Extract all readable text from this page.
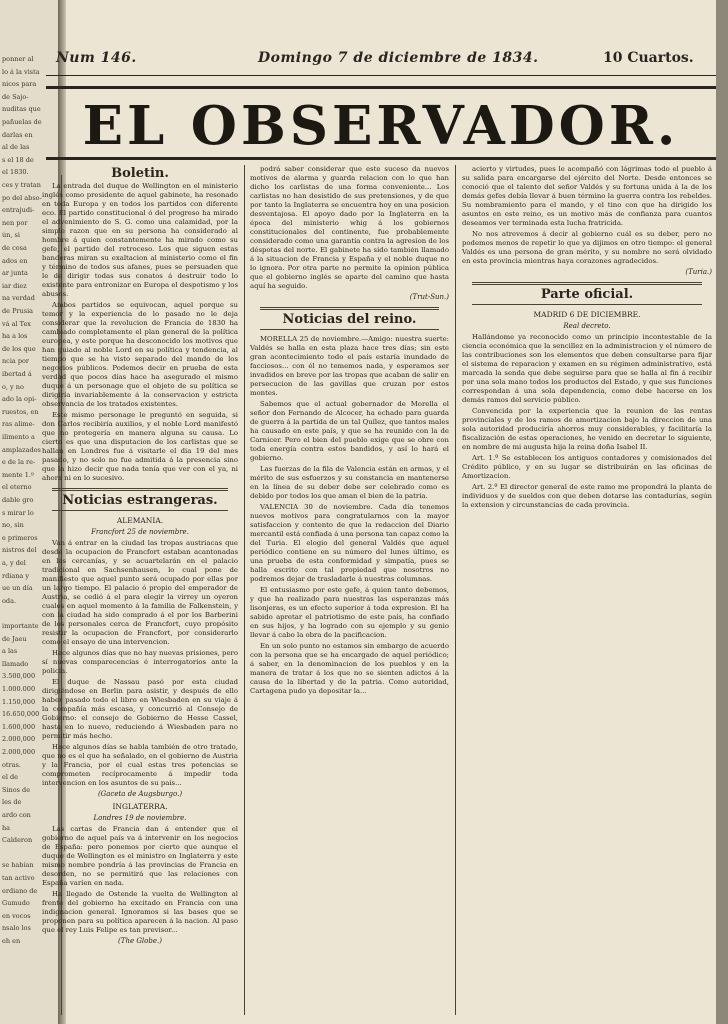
ponner al
lo á la vista
nicos para
de Sajo-
nuditas que
pañuelas de
darlas en
al de las
s el 18 de
el 1830.
ces y tratan
po del abso-
entrajudi-
nen por
ún, si
de cosa
ados en
ar junta
iar diez
na verdad
de Prusia
vá al Tex
ha a los
de los que
ncia por
ibertad á
o, y no
ado la opi-
ruestos, en
ras alime-
ilimento a
amplazados
e de la re-
mente 1.º
el eterno
dable gro
s mirar lo
no, sin
e primeros
nistros del
a, y del
rdiana y
ue un día
oda.
importante
de Jaeu
a las
llamado
3.500,000
1.000.000
1.150,000
16.650,000
1.600,000
2.000,000
2.000,000
otras.
el de
Sinos de
les de
ardo con
ha
Calderon
se habían
tan activo
erdiano de
Gumudo
en vocos
nsalo los
eh en
Num 146.	Domingo 7 de diciembre de 1834.	10 Cuartos.
EL OBSERVADOR.
Boletin.

La entrada del duque de Wellington en el ministerio inglés como presidente de aquel gabinete, ha resonado en toda Europa y en todos los partidos con diferente eco. El partido constitucional ó del progreso ha mirado el advenimiento de S. G. como una calamidad, por la simple razon que en su persona ha considerado al hombre á quien constantemente ha mirado como su gefe, el partido del retroceso. Los que siguen estas banderas miran su exaltacion al ministerio como el fin y término de todos sus afanes, pues se persuaden que le de dirigir todas sus conatos á destruir todo lo existente para entronizar en Europa el despotismo y los abusos.

Ambos partidos se equivocan, aquel porque su temor y la experiencia de lo pasado no le deja considerar que la revolucion de Francia de 1830 ha cambiado completamente el plan general de la política europea, y este porque ha desconocido los motivos que han guiado al noble Lord en su política y tendencia, al tiempo que se ha visto separado del mando de los negocios públicos. Podemos decir en prueba de esta verdad que pocos días hace ha asegurado el mismo duque á un personage que el objeto de su política se dirigiría invariablemente á la conservacion y estricta observancia de los tratados existentes.

Este mismo personage le preguntó en seguida, si don Carlos recibiría auxilios, y el noble Lord manifestó que no protegería en manera alguna su causa. Lo cierto es que una disputacion de los carlistas que se hallan en Londres fue á visitarle el dia 19 del mes pasado, y no solo no fue admitida á la presencia sino que la hizo decir que nada tenía que ver con el ya, ni ahora ni en lo sucesivo.

Noticias estrangeras.
ALEMANIA.
Francfort 25 de noviembre.

Van á entrar en la ciudad las tropas austriacas que desde la ocupacion de Francfort estaban acantonadas en las cercanías, y se acuartelarán en el palacio tradicional en Sachsenhausen, lo cual pone de manifiesto que aquel punto será ocupado por ellas por un largo tiempo. El palacio ó propio del emperador de Austria, se cedió á el para elegir la virrey un oyeron cuales en aquel momento á la familia de Falkenstein, y con la ciudad ha sido comprado á el por los Barberini de los personales cerca de Francfort, cuyo propósito resistir la ocupacion de Francfort, por considerarlo como el ensayo de una intervencion.

Hace algunos días que no hay nuevas prisiones, pero sí nuevas comparecencias é interrogatorios ante la policía.

El duque de Nassau pasó por esta ciudad dirigiéndose en Berlin para asistir, y después de ello haber pasado todo el libro en Wiesbaden en su viaje á la compañía más escasa, y concurrió al Consejo de Gobierno: el consejo de Gobierno de Hesse Cassel, hasta en lo nuevo, reduciendo á Wiesbaden para no permitir más hecho.

Hace algunos días se habla también de otro tratado, que no es el que ha señalado, en el gobierno de Austria y la Francia, por el cual estas tres potencias se comprometen recíprocamente á impedir toda intervencion en los asuntos de su país...

(Gaceta de Augsburgo.)
INGLATERRA.
Londres 19 de noviembre.

Las cartas de Francia dan á entender que el gobierno de aquel país va á intervenir en los negocios de España: pero ponemos por cierto que aunque el duque de Wellington es el ministro en Inglaterra y este mismo nombre pondría á las provincias de Francia en desorden, no se permitirá que las relaciones con España varíen en nada.

Ha llegado de Ostende la vuelta de Wellington al frente del gobierno ha excitado en Francia con una indignacion general. Ignoramos si las bases que se proponen para su política aparecen á la nacion. Al paso que el rey Luis Felipe es tan previsor...

(The Globe.)

podrá saber considerar que este suceso da nuevos motivos de alarma y guarda relacion con lo que han dicho los carlistas de una forma conveniente... Los carlistas no han desistido de sus pretensiones, y de que por tanto la Inglaterra se encuentra hoy en una posicion desventajosa. El apoyo dado por la Inglaterra en la época del ministerio whig á los gobiernos constitucionales del continente, fue probablemente considerado como una garantía contra la agresion de los déspotas del norte. El gabinete ha sido también llamado á la situacion de Francia y España y el noble duque no lo ignora. Por otra parte no permite la opinion pública que el gobierno inglés se aparte del camino que hasta aquí ha seguido.

(Trut-Sun.)
Noticias del reino.

MORELLA 25 de noviembre.—Amigo: nuestra suerte: Valdés se halla en esta plaza hace tres días; sin este gran acontecimiento todo el país estaría inundado de facciosos... con él no tememos nada, y esperamos ser invadidos en breve por las tropas que acaban de salir en persecucion de las gavillas que cruzan por estos montes.

Sabemos que el actual gobernador de Morella el señor don Fernando de Alcocer, ha echado para guarda de guerra á la partida de un tal Quílez, que tantos males ha causado en este país, y que se ha reunido con la de Carnicer. Pero el bien del pueblo exige que se obre con toda energía contra estos bandidos, y así lo hará el gobierno.

Las fuerzas de la fila de Valencia están en armas, y el mérito de sus esfuerzos y su constancia en mantenerse en la línea de su deber debe ser celebrado como es debido por todos los que aman el bien de la patria.

VALENCIA 30 de noviembre. Cada día tenemos nuevos motivos para congratularnos con la mayor satisfaccion y contento de que la redaccion del Diario mercantil está confiada á una persona tan capaz como la del Turia. El elogio del general Valdés que aquel periódico contiene en su número del lunes último, es una prueba de esta conformidad y simpatía, pues se halla escrito con tal propiedad que nosotros no podremos dejar de trasladarle á nuestras columnas.

El entusiasmo por este gefe, á quien tanto debemos, y que ha realizado para nuestras las esperanzas más lisonjeras, es un efecto superior á toda expresion. Él ha sabido apretar el patriotismo de este país, ha confiado en sus hijos, y ha logrado con su ejemplo y su genio llevar á cabo la obra de la pacificacion.

En un solo punto no estamos sin embargo de acuerdo con la persona que se ha encargado de aquel periódico; á saber, en la denominacion de los pueblos y en la manera de tratar á los que no se sienten adictos á la causa de la libertad y de la patria. Como autoridad, Cartagena pudo ya depositar la...

acierto y virtudes, pues le acompañó con lágrimas todo el pueblo á su salida para encargarse del ejército del Norte. Desde entonces se conoció que el talento del señor Valdés y su fortuna unida á la de los demás gefes debía llevar á buen término la guerra contra los rebeldes. Su nombramiento para el mando, y el tino con que ha dirigido los asuntos en este reino, es un motivo más de confianza para cuantos deseamos ver terminada esta lucha fratricida.

No nos atrevemos á decir al gobierno cuál es su deber, pero no podemos menos de repetir lo que ya dijimos en otro tiempo: el general Valdés es una persona de gran mérito, y su nombre no será olvidado en esta provincia mientras haya corazones agradecidos.

(Turia.)
Parte oficial.
MADRID 6 DE DICIEMBRE.
Real decreto.

Hallándome ya reconocido como un principio incontestable de la ciencia económica que la sencillez en la administracion y el número de las contribuciones son los elementos que deben consultarse para fijar el sistema de reparacion y examen en su régimen administrativo, está marcada la senda que debe seguirse para que se halla al fin á recibir por una sola mano todos los productos del Estado, y que sus funciones correspondan á una sola dependencia, como debe hacerse en los demás ramos del servicio público.

Convencida por la experiencia que la reunion de las rentas provinciales y de los ramos de amortizacion bajo la direccion de una sola autoridad produciría ahorros muy considerables, y facilitaría la fiscalización de estas operaciones, he venido en decretar lo siguiente, en nombre de mi augusta hija la reina doña Isabel II.

Art. 1.º Se establecen los antiguos contadores y comisionados del Crédito público, y en su lugar se distribuirán en las oficinas de Amortizacion.

Art. 2.º El director general de este ramo me propondrá la planta de individuos y de sueldos con que deben dotarse las contadurías, según la extension y circunstancias de cada provincia.
